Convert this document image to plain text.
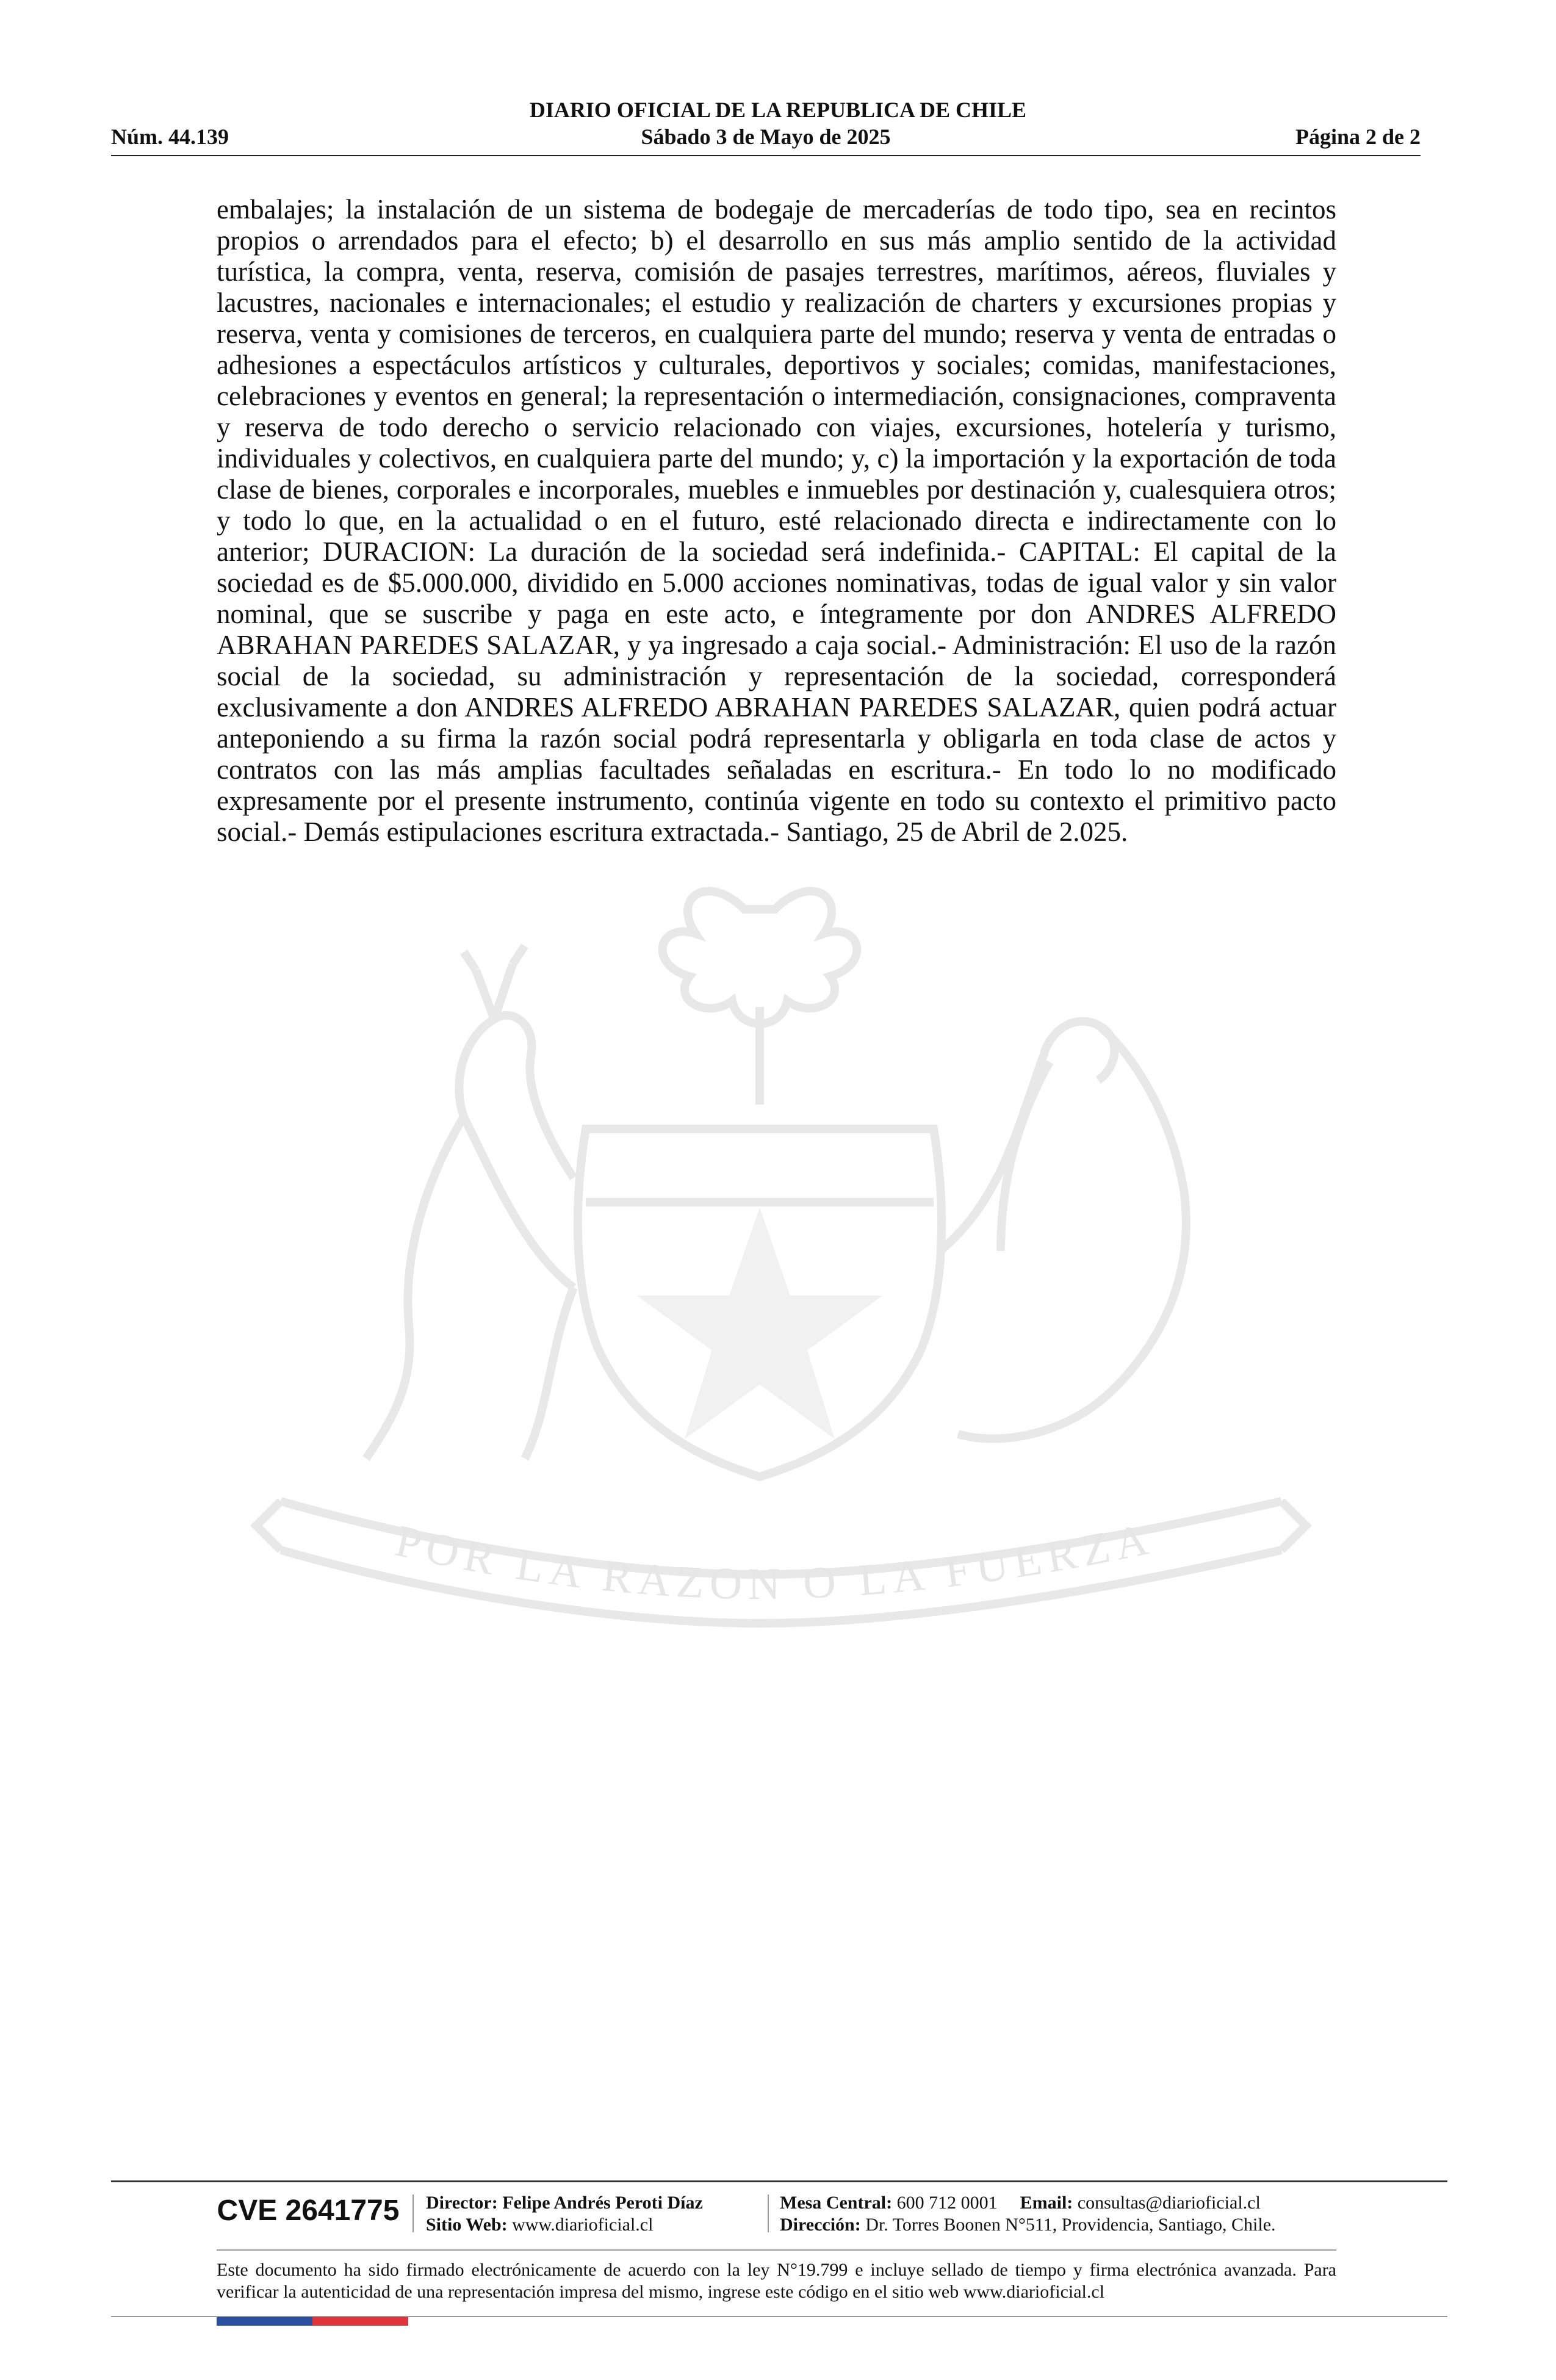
DIARIO OFICIAL DE LA REPUBLICA DE CHILE
Sábado 3 de Mayo de 2025
Núm. 44.139	Página 2 de 2
embalajes; la instalación de un sistema de bodegaje de mercaderías de todo tipo, sea en recintos propios o arrendados para el efecto; b) el desarrollo en sus más amplio sentido de la actividad turística, la compra, venta, reserva, comisión de pasajes terrestres, marítimos, aéreos, fluviales y lacustres, nacionales e internacionales; el estudio y realización de charters y excursiones propias y reserva, venta y comisiones de terceros, en cualquiera parte del mundo; reserva y venta de entradas o adhesiones a espectáculos artísticos y culturales, deportivos y sociales; comidas, manifestaciones, celebraciones y eventos en general; la representación o intermediación, consignaciones, compraventa y reserva de todo derecho o servicio relacionado con viajes, excursiones, hotelería y turismo, individuales y colectivos, en cualquiera parte del mundo; y, c) la importación y la exportación de toda clase de bienes, corporales e incorporales, muebles e inmuebles por destinación y, cualesquiera otros; y todo lo que, en la actualidad o en el futuro, esté relacionado directa e indirectamente con lo anterior; DURACION: La duración de la sociedad será indefinida.- CAPITAL: El capital de la sociedad es de $5.000.000, dividido en 5.000 acciones nominativas, todas de igual valor y sin valor nominal, que se suscribe y paga en este acto, e íntegramente por don ANDRES ALFREDO ABRAHAN PAREDES SALAZAR, y ya ingresado a caja social.- Administración: El uso de la razón social de la sociedad, su administración y representación de la sociedad, corresponderá exclusivamente a don ANDRES ALFREDO ABRAHAN PAREDES SALAZAR, quien podrá actuar anteponiendo a su firma la razón social podrá representarla y obligarla en toda clase de actos y contratos con las más amplias facultades señaladas en escritura.- En todo lo no modificado expresamente por el presente instrumento, continúa vigente en todo su contexto el primitivo pacto social.- Demás estipulaciones escritura extractada.- Santiago, 25 de Abril de 2.025.
POR LA RAZON O LA FUERZA
CVE 2641775	Director: Felipe Andrés Peroti Díaz
Sitio Web: www.diarioficial.cl
Mesa Central: 600 712 0001 Email: consultas@diarioficial.cl
Dirección: Dr. Torres Boonen N°511, Providencia, Santiago, Chile.
Este documento ha sido firmado electrónicamente de acuerdo con la ley N°19.799 e incluye sellado de tiempo y firma electrónica avanzada. Para verificar la autenticidad de una representación impresa del mismo, ingrese este código en el sitio web www.diarioficial.cl
